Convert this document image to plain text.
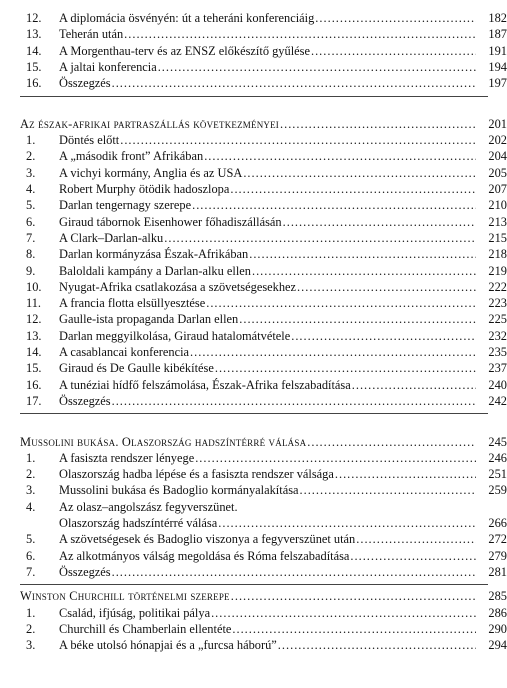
12.	A diplomácia ösvényén: út a teheráni konferenciáig .....	182
13.	Teherán után .....	187
14.	A Morgenthau-terv és az ENSZ előkészítő gyűlése .....	191
15.	A jaltai konferencia .....	194
16.	Összegzés .....	197
Az észak-afrikai partraszállás következményei .....	201
1.	Döntés előtt .....	202
2.	A „második front” Afrikában .....	204
3.	A vichyi kormány, Anglia és az USA .....	205
4.	Robert Murphy ötödik hadoszlopa .....	207
5.	Darlan tengernagy szerepe .....	210
6.	Giraud tábornok Eisenhower főhadiszállásán .....	213
7.	A Clark–Darlan-alku .....	215
8.	Darlan kormányzása Észak-Afrikában .....	218
9.	Baloldali kampány a Darlan-alku ellen .....	219
10.	Nyugat-Afrika csatlakozása a szövetségesekhez .....	222
11.	A francia flotta elsüllyesztése .....	223
12.	Gaulle-ista propaganda Darlan ellen .....	225
13.	Darlan meggyilkolása, Giraud hatalomátvétele .....	232
14.	A casablancai konferencia .....	235
15.	Giraud és De Gaulle kibékítése .....	237
16.	A tunéziai hídfő felszámolása, Észak-Afrika felszabadítása .....	240
17.	Összegzés .....	242
Mussolini bukása. Olaszország hadszíntérré válása .....	245
1.	A fasiszta rendszer lényege .....	246
2.	Olaszország hadba lépése és a fasiszta rendszer válsága .....	251
3.	Mussolini bukása és Badoglio kormányalakítása .....	259
4.	Az olasz–angolszász fegyverszünet.
Olaszország hadszíntérré válása .....	266
5.	A szövetségesek és Badoglio viszonya a fegyverszünet után .....	272
6.	Az alkotmányos válság megoldása és Róma felszabadítása .....	279
7.	Összegzés .....	281
Winston Churchill történelmi szerepe .....	285
1.	Család, ifjúság, politikai pálya .....	286
2.	Churchill és Chamberlain ellentéte .....	290
3.	A béke utolsó hónapjai és a „furcsa háború” .....	294
